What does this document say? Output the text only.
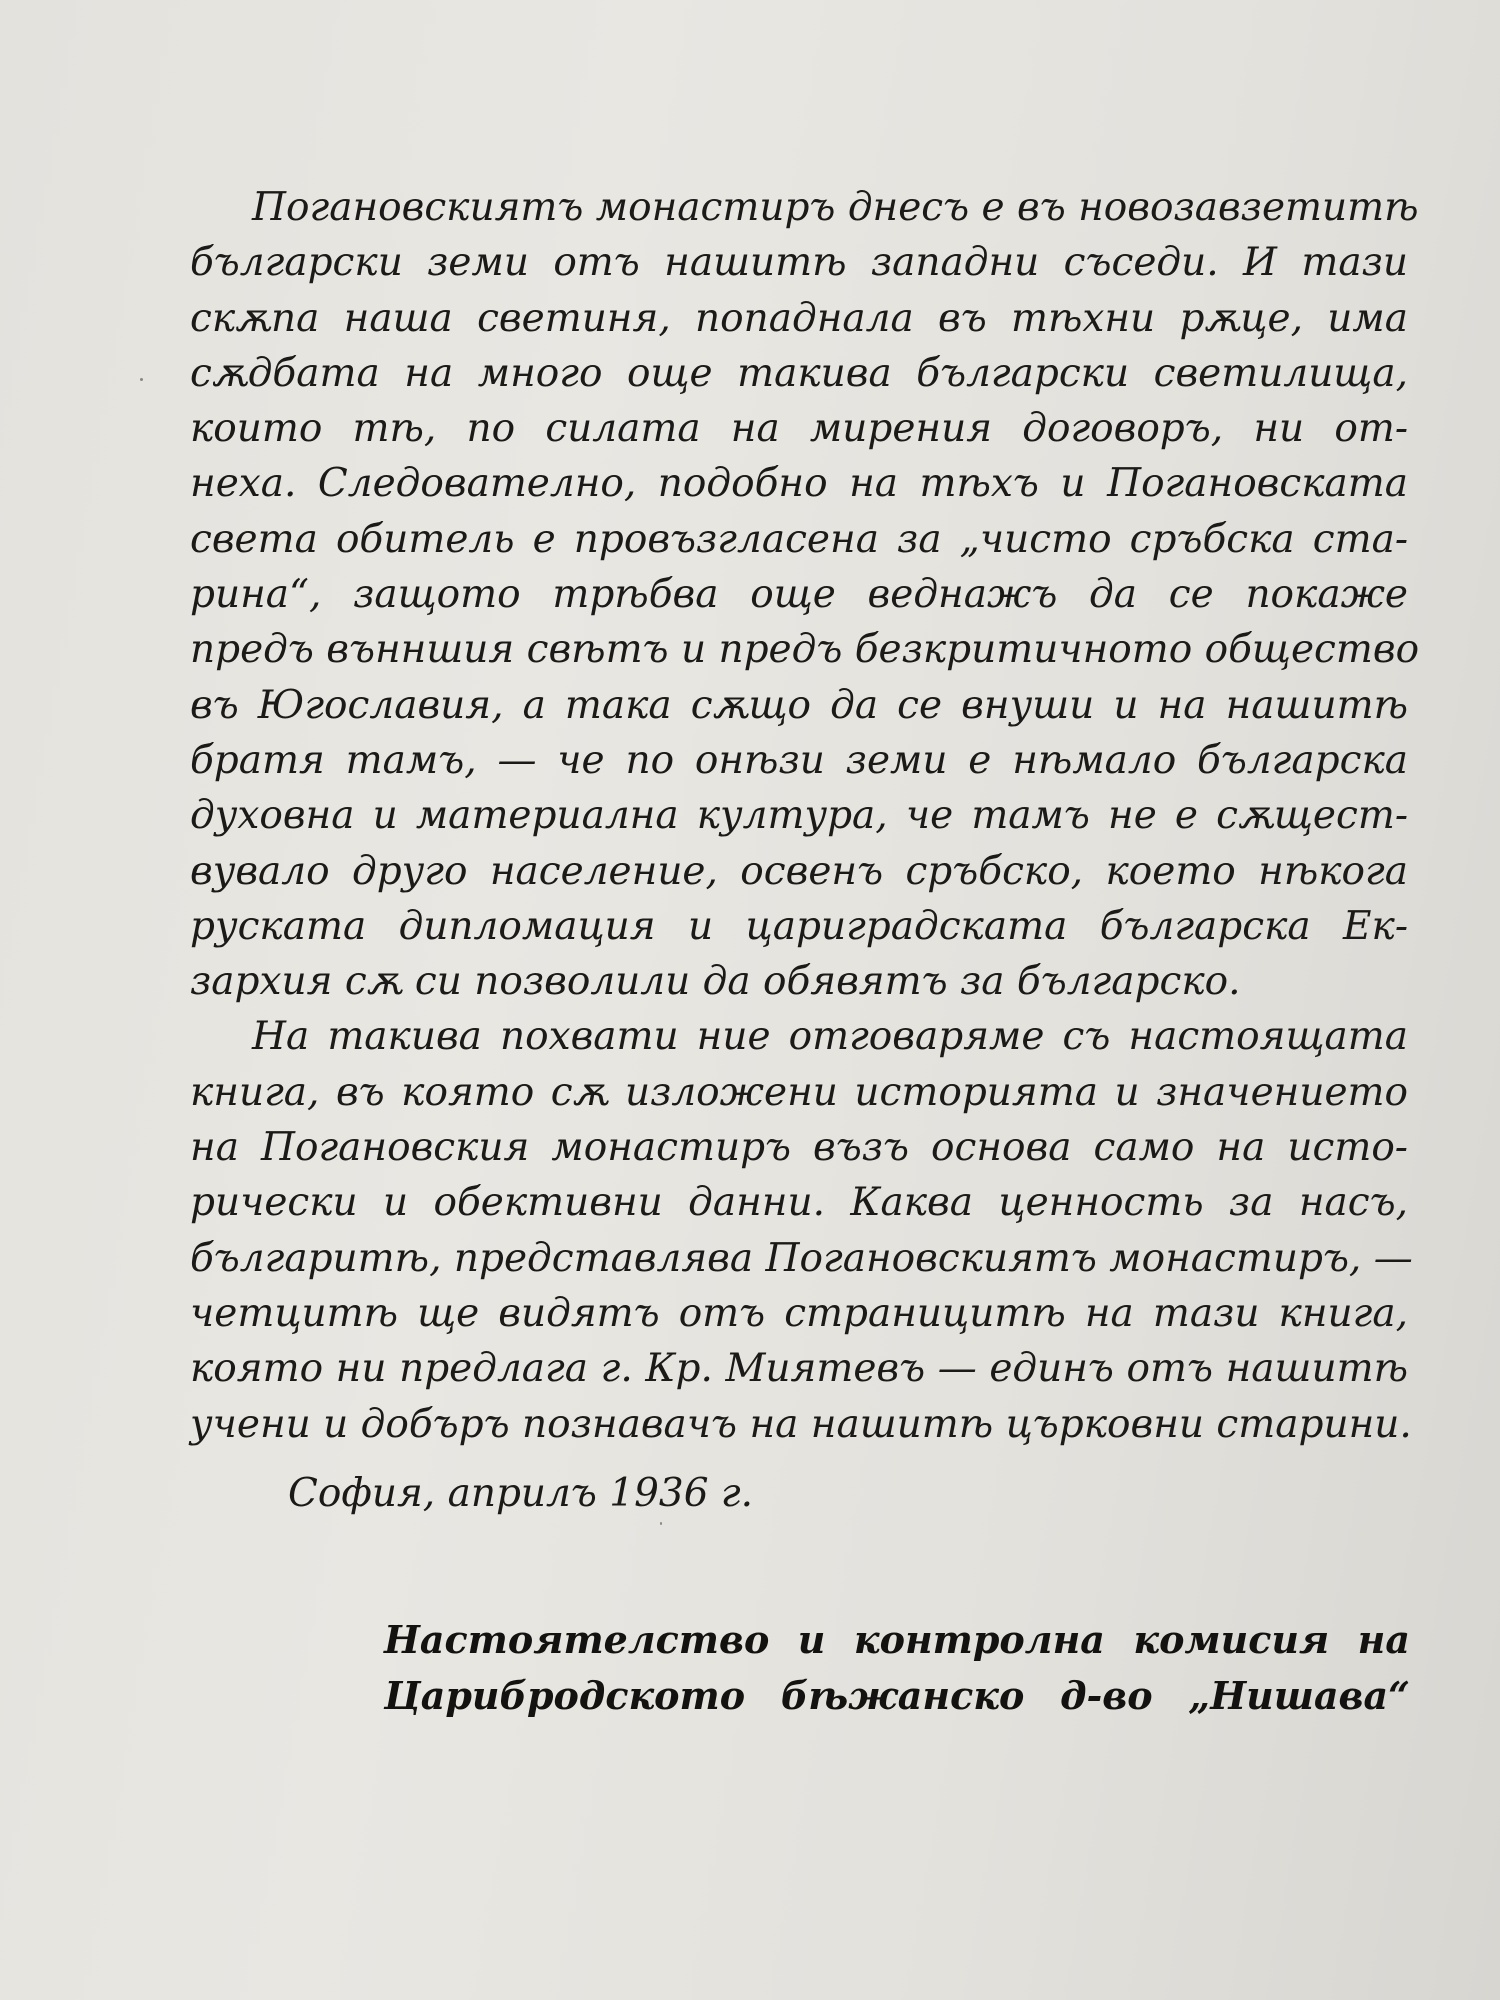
Погановскиятъ монастиръ днесъ е въ новозавзетитѣ
български земи отъ нашитѣ западни съседи. И тази
скѫпа наша светиня, попаднала въ тѣхни рѫце, има
сѫдбата на много още такива български светилища,
които тѣ, по силата на мирения договоръ, ни от-
неха. Следователно, подобно на тѣхъ и Погановската
света обитель е провъзгласена за „чисто сръбска ста-
рина“, защото трѣбва още веднажъ да се покаже
предъ вънншия свѣтъ и предъ безкритичното общество
въ Югославия, а така сѫщо да се внуши и на нашитѣ
братя тамъ, — че по онѣзи земи е нѣмало българска
духовна и материална култура, че тамъ не е сѫщест-
вувало друго население, освенъ сръбско, което нѣкога
руската дипломация и цариградската българска Ек-
зархия сѫ си позволили да обявятъ за българско.
На такива похвати ние отговаряме съ настоящата
книга, въ която сѫ изложени историята и значението
на Погановския монастиръ възъ основа само на исто-
рически и обективни данни. Каква ценность за насъ,
българитѣ, представлява Погановскиятъ монастиръ, —
четцитѣ ще видятъ отъ страницитѣ на тази книга,
която ни предлага г. Кр. Миятевъ — единъ отъ нашитѣ
учени и добъръ познавачъ на нашитѣ църковни старини.
София, априлъ 1936 г.
Настоятелство и контролна комисия на
Царибродското бѣжанско д-во „Нишава“
